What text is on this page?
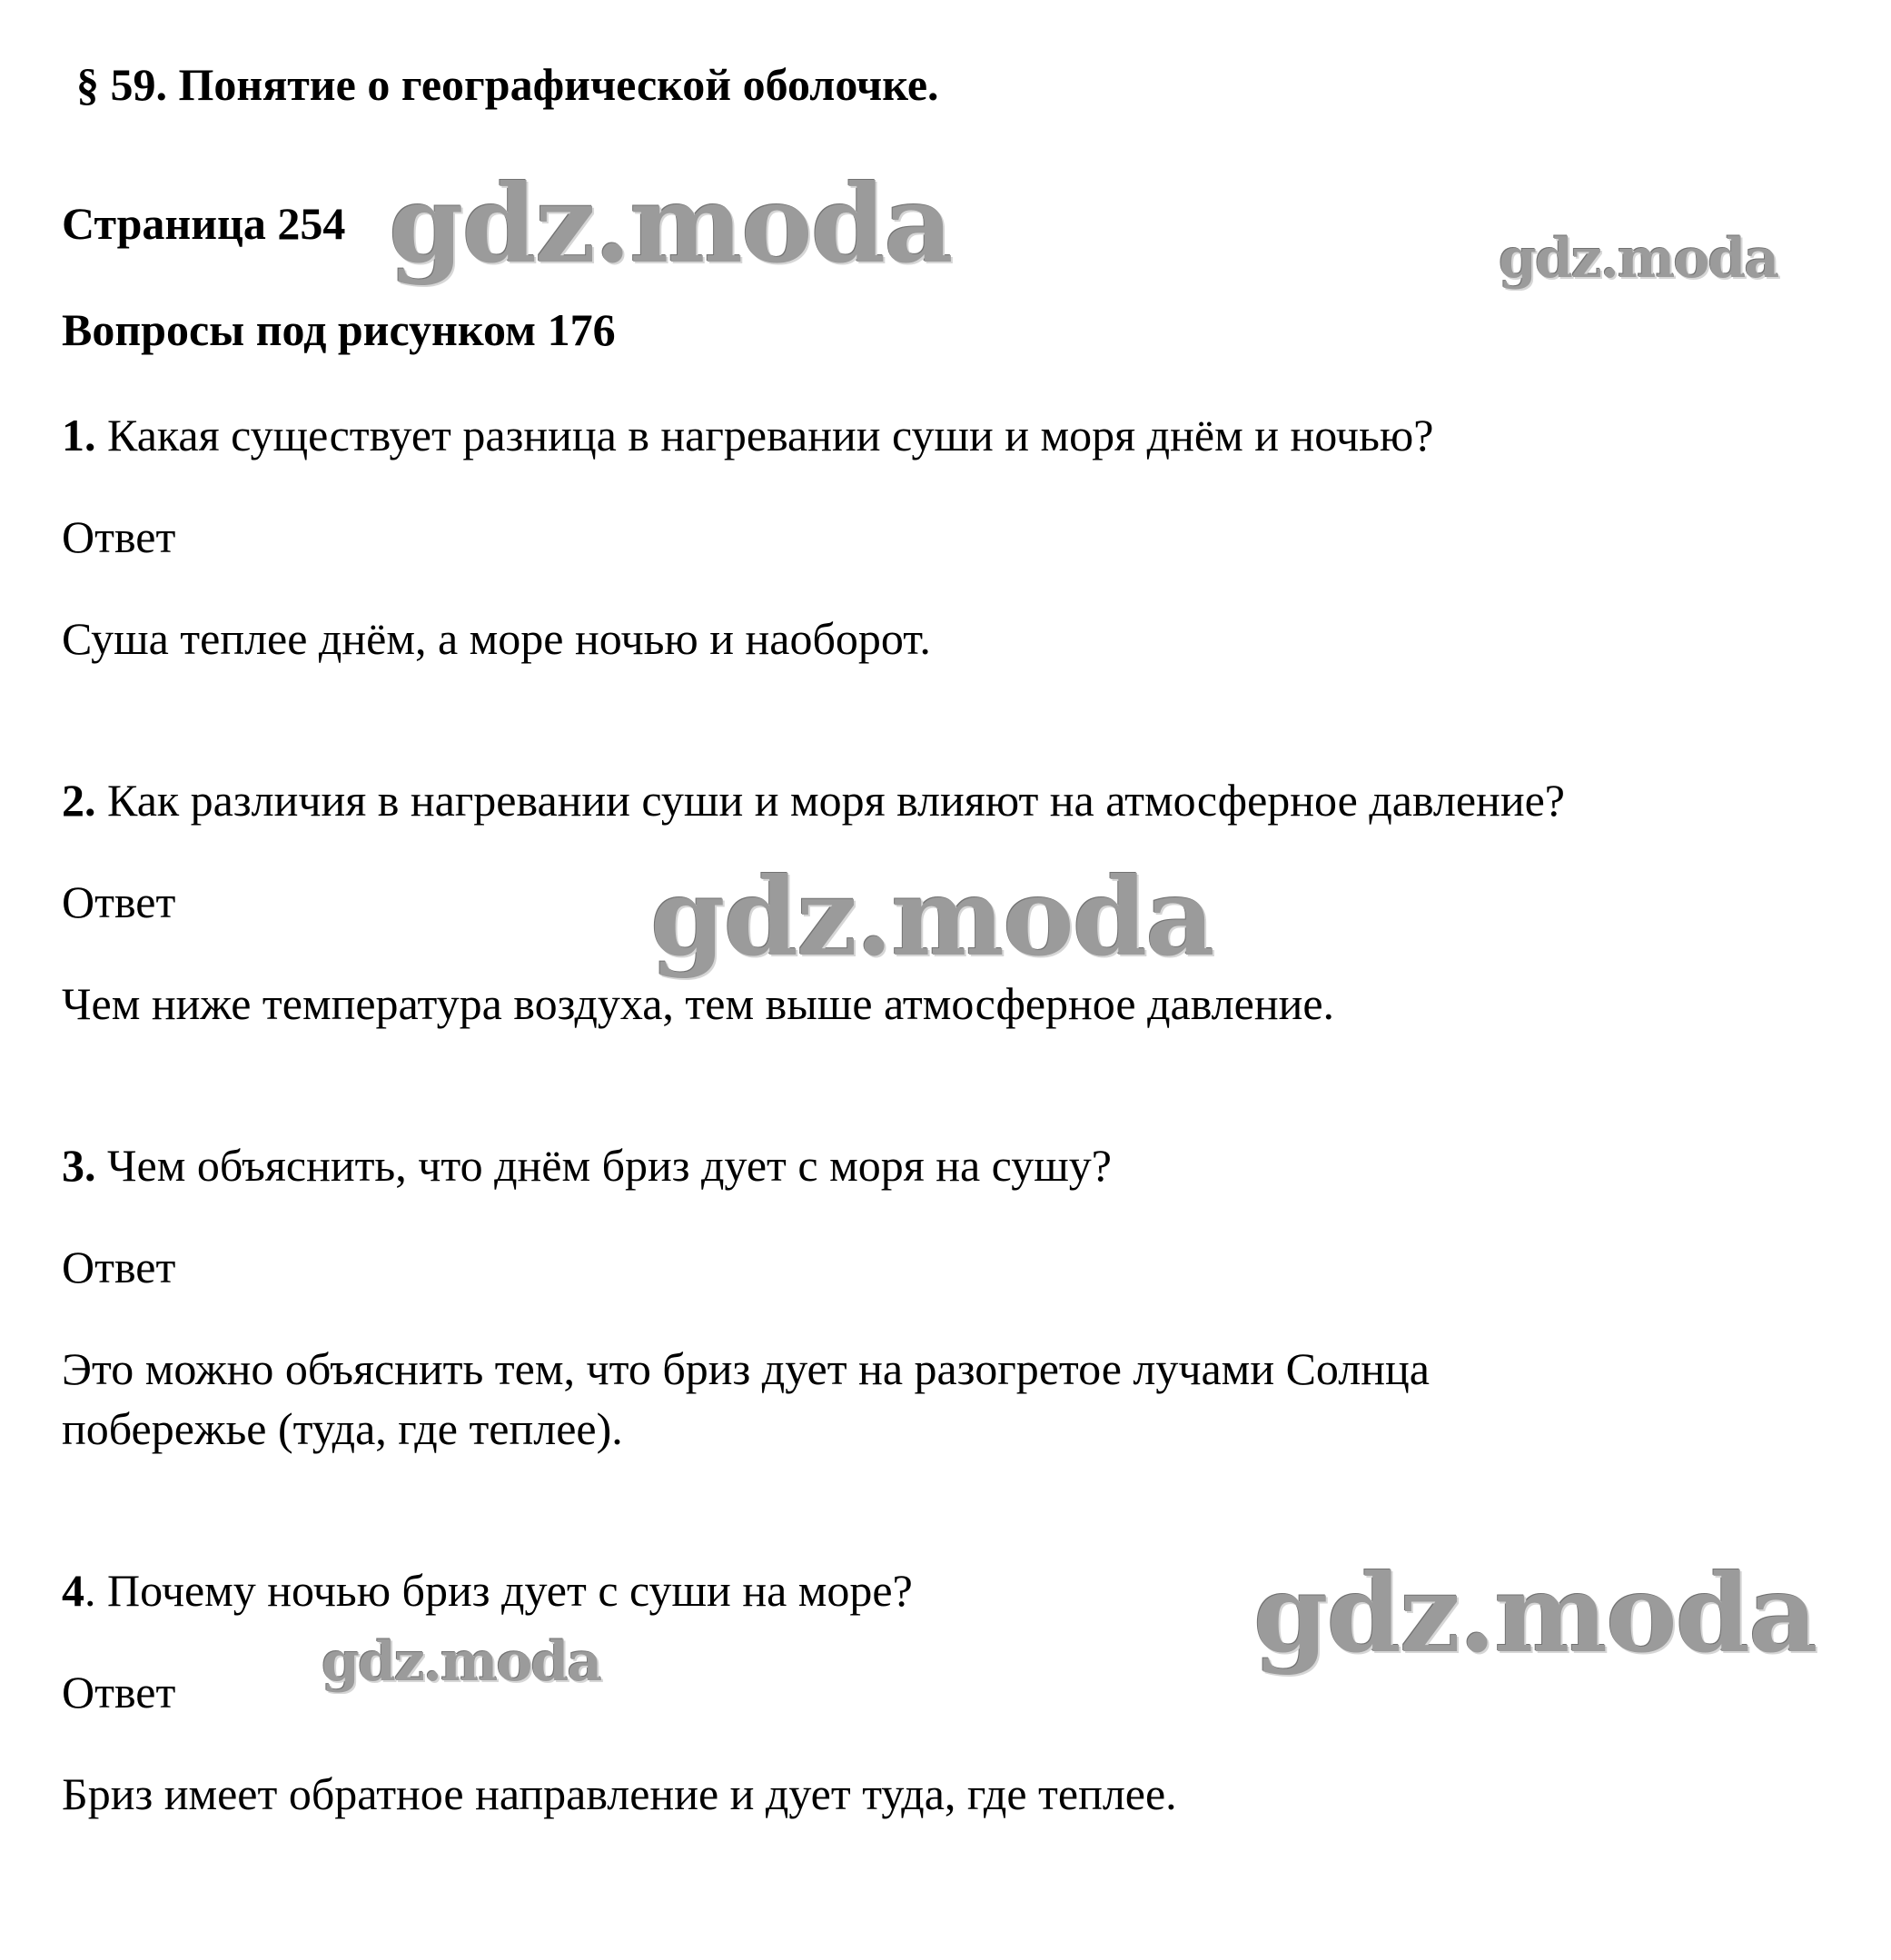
§ 59. Понятие о географической оболочке.

Страница 254

Вопросы под рисунком 176

1. Какая существует разница в нагревании суши и моря днём и ночью?

Ответ

Суша теплее днём, а море ночью и наоборот.

2. Как различия в нагревании суши и моря влияют на атмосферное давление?

Ответ

Чем ниже температура воздуха, тем выше атмосферное давление.

3. Чем объяснить, что днём бриз дует с моря на сушу?

Ответ

Это можно объяснить тем, что бриз дует на разогретое лучами Солнца

побережье (туда, где теплее).

4. Почему ночью бриз дует с суши на море?

Ответ

Бриз имеет обратное направление и дует туда, где теплее.

gdz.moda	gdz.moda
gdz.moda
gdz.moda
gdz.moda
